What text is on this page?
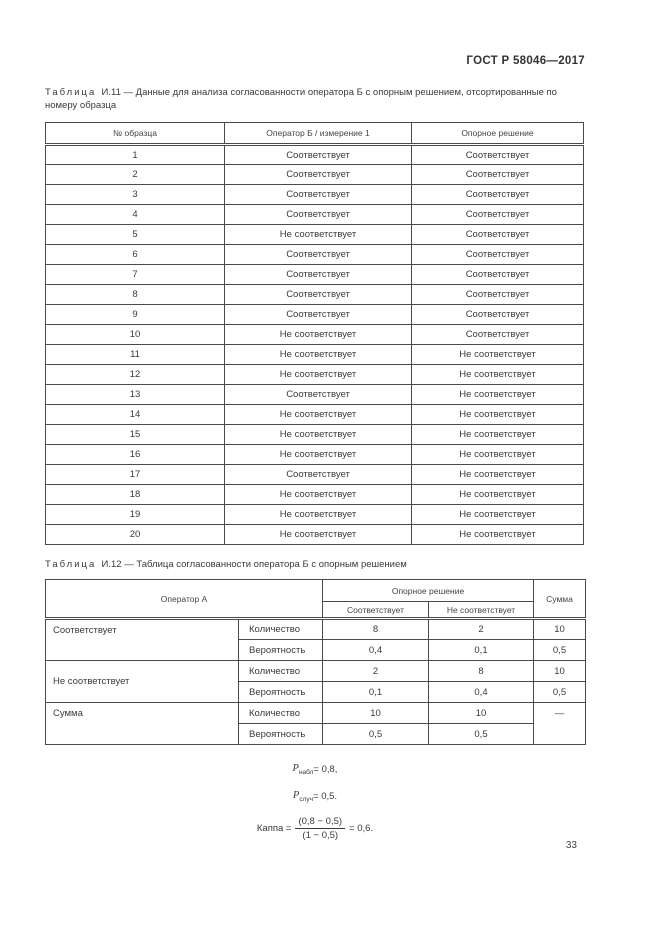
ГОСТ Р 58046—2017
Таблица И.11 — Данные для анализа согласованности оператора Б с опорным решением, отсортированные по номеру образца
№ образца	Оператор Б / измерение 1	Опорное решение
1	Соответствует	Соответствует
2	Соответствует	Соответствует
3	Соответствует	Соответствует
4	Соответствует	Соответствует
5	Не соответствует	Соответствует
6	Соответствует	Соответствует
7	Соответствует	Соответствует
8	Соответствует	Соответствует
9	Соответствует	Соответствует
10	Не соответствует	Соответствует
11	Не соответствует	Не соответствует
12	Не соответствует	Не соответствует
13	Соответствует	Не соответствует
14	Не соответствует	Не соответствует
15	Не соответствует	Не соответствует
16	Не соответствует	Не соответствует
17	Соответствует	Не соответствует
18	Не соответствует	Не соответствует
19	Не соответствует	Не соответствует
20	Не соответствует	Не соответствует
Таблица И.12 — Таблица согласованности оператора Б с опорным решением
Оператор А		Опорное решение		Сумма
		Соответствует	Не соответствует	
Соответствует	Количество	8	2	10
	Вероятность	0,4	0,1	0,5
Не соответствует	Количество	2	8	10
	Вероятность	0,1	0,4	0,5
Сумма	Количество	10	10	—
	Вероятность	0,5	0,5	
$P_{набл} = 0,8$,
$P_{случ} = 0,5$.
Каппа = $\frac{(0,8 - 0,5)}{(1 - 0,5)} = 0,6$.
33
